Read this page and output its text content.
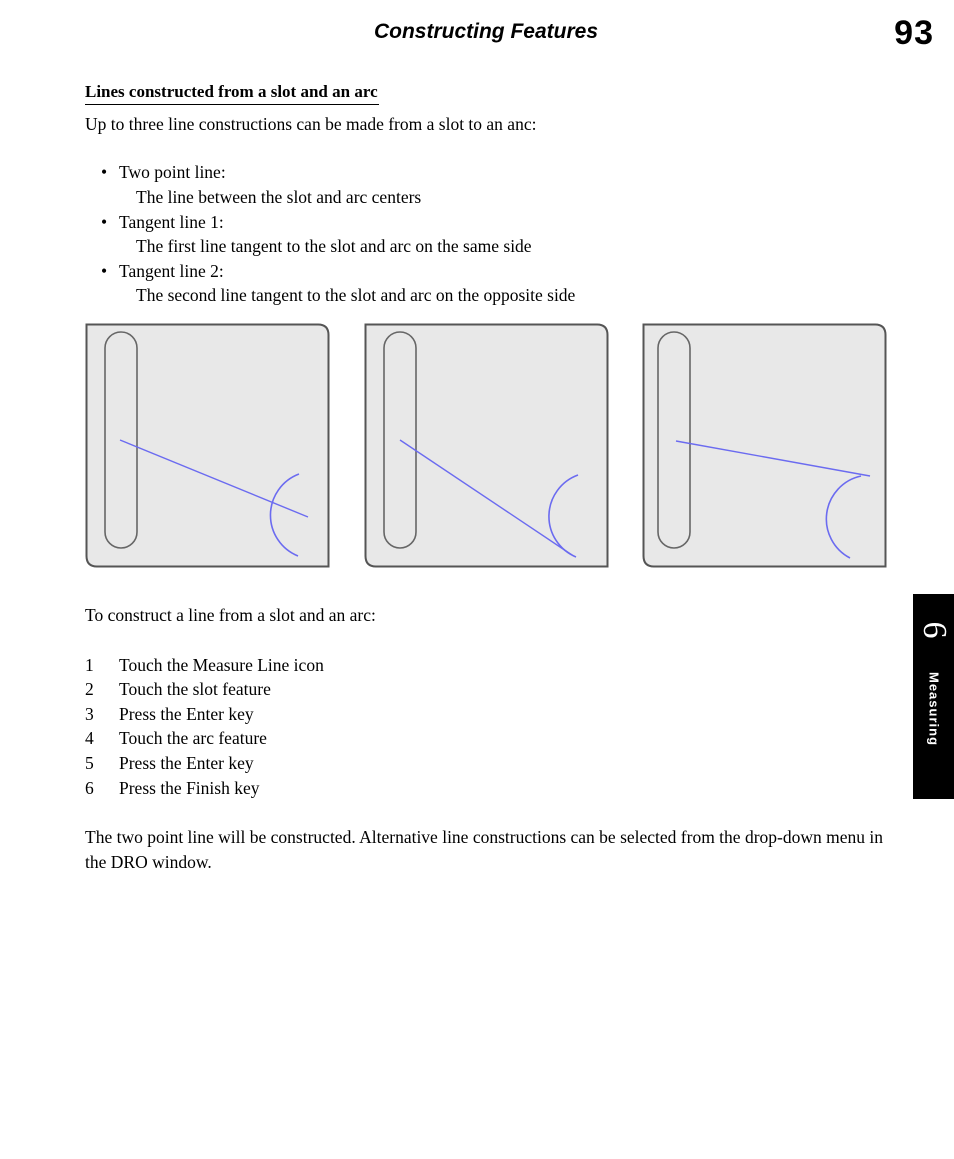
Constructing Features	93
Lines constructed from a slot and an arc
Up to three line constructions can be made from a slot to an anc:
• Two point line:
The line between the slot and arc centers
• Tangent line 1:
The first line tangent to the slot and arc on the same side
• Tangent line 2:
The second line tangent to the slot and arc on the opposite side
To construct a line from a slot and an arc:
1 Touch the Measure Line icon
2 Touch the slot feature
3 Press the Enter key
4 Touch the arc feature
5 Press the Enter key
6 Press the Finish key
The two point line will be constructed. Alternative line constructions can be selected from the drop-down menu in the DRO window.
6
Measuring
